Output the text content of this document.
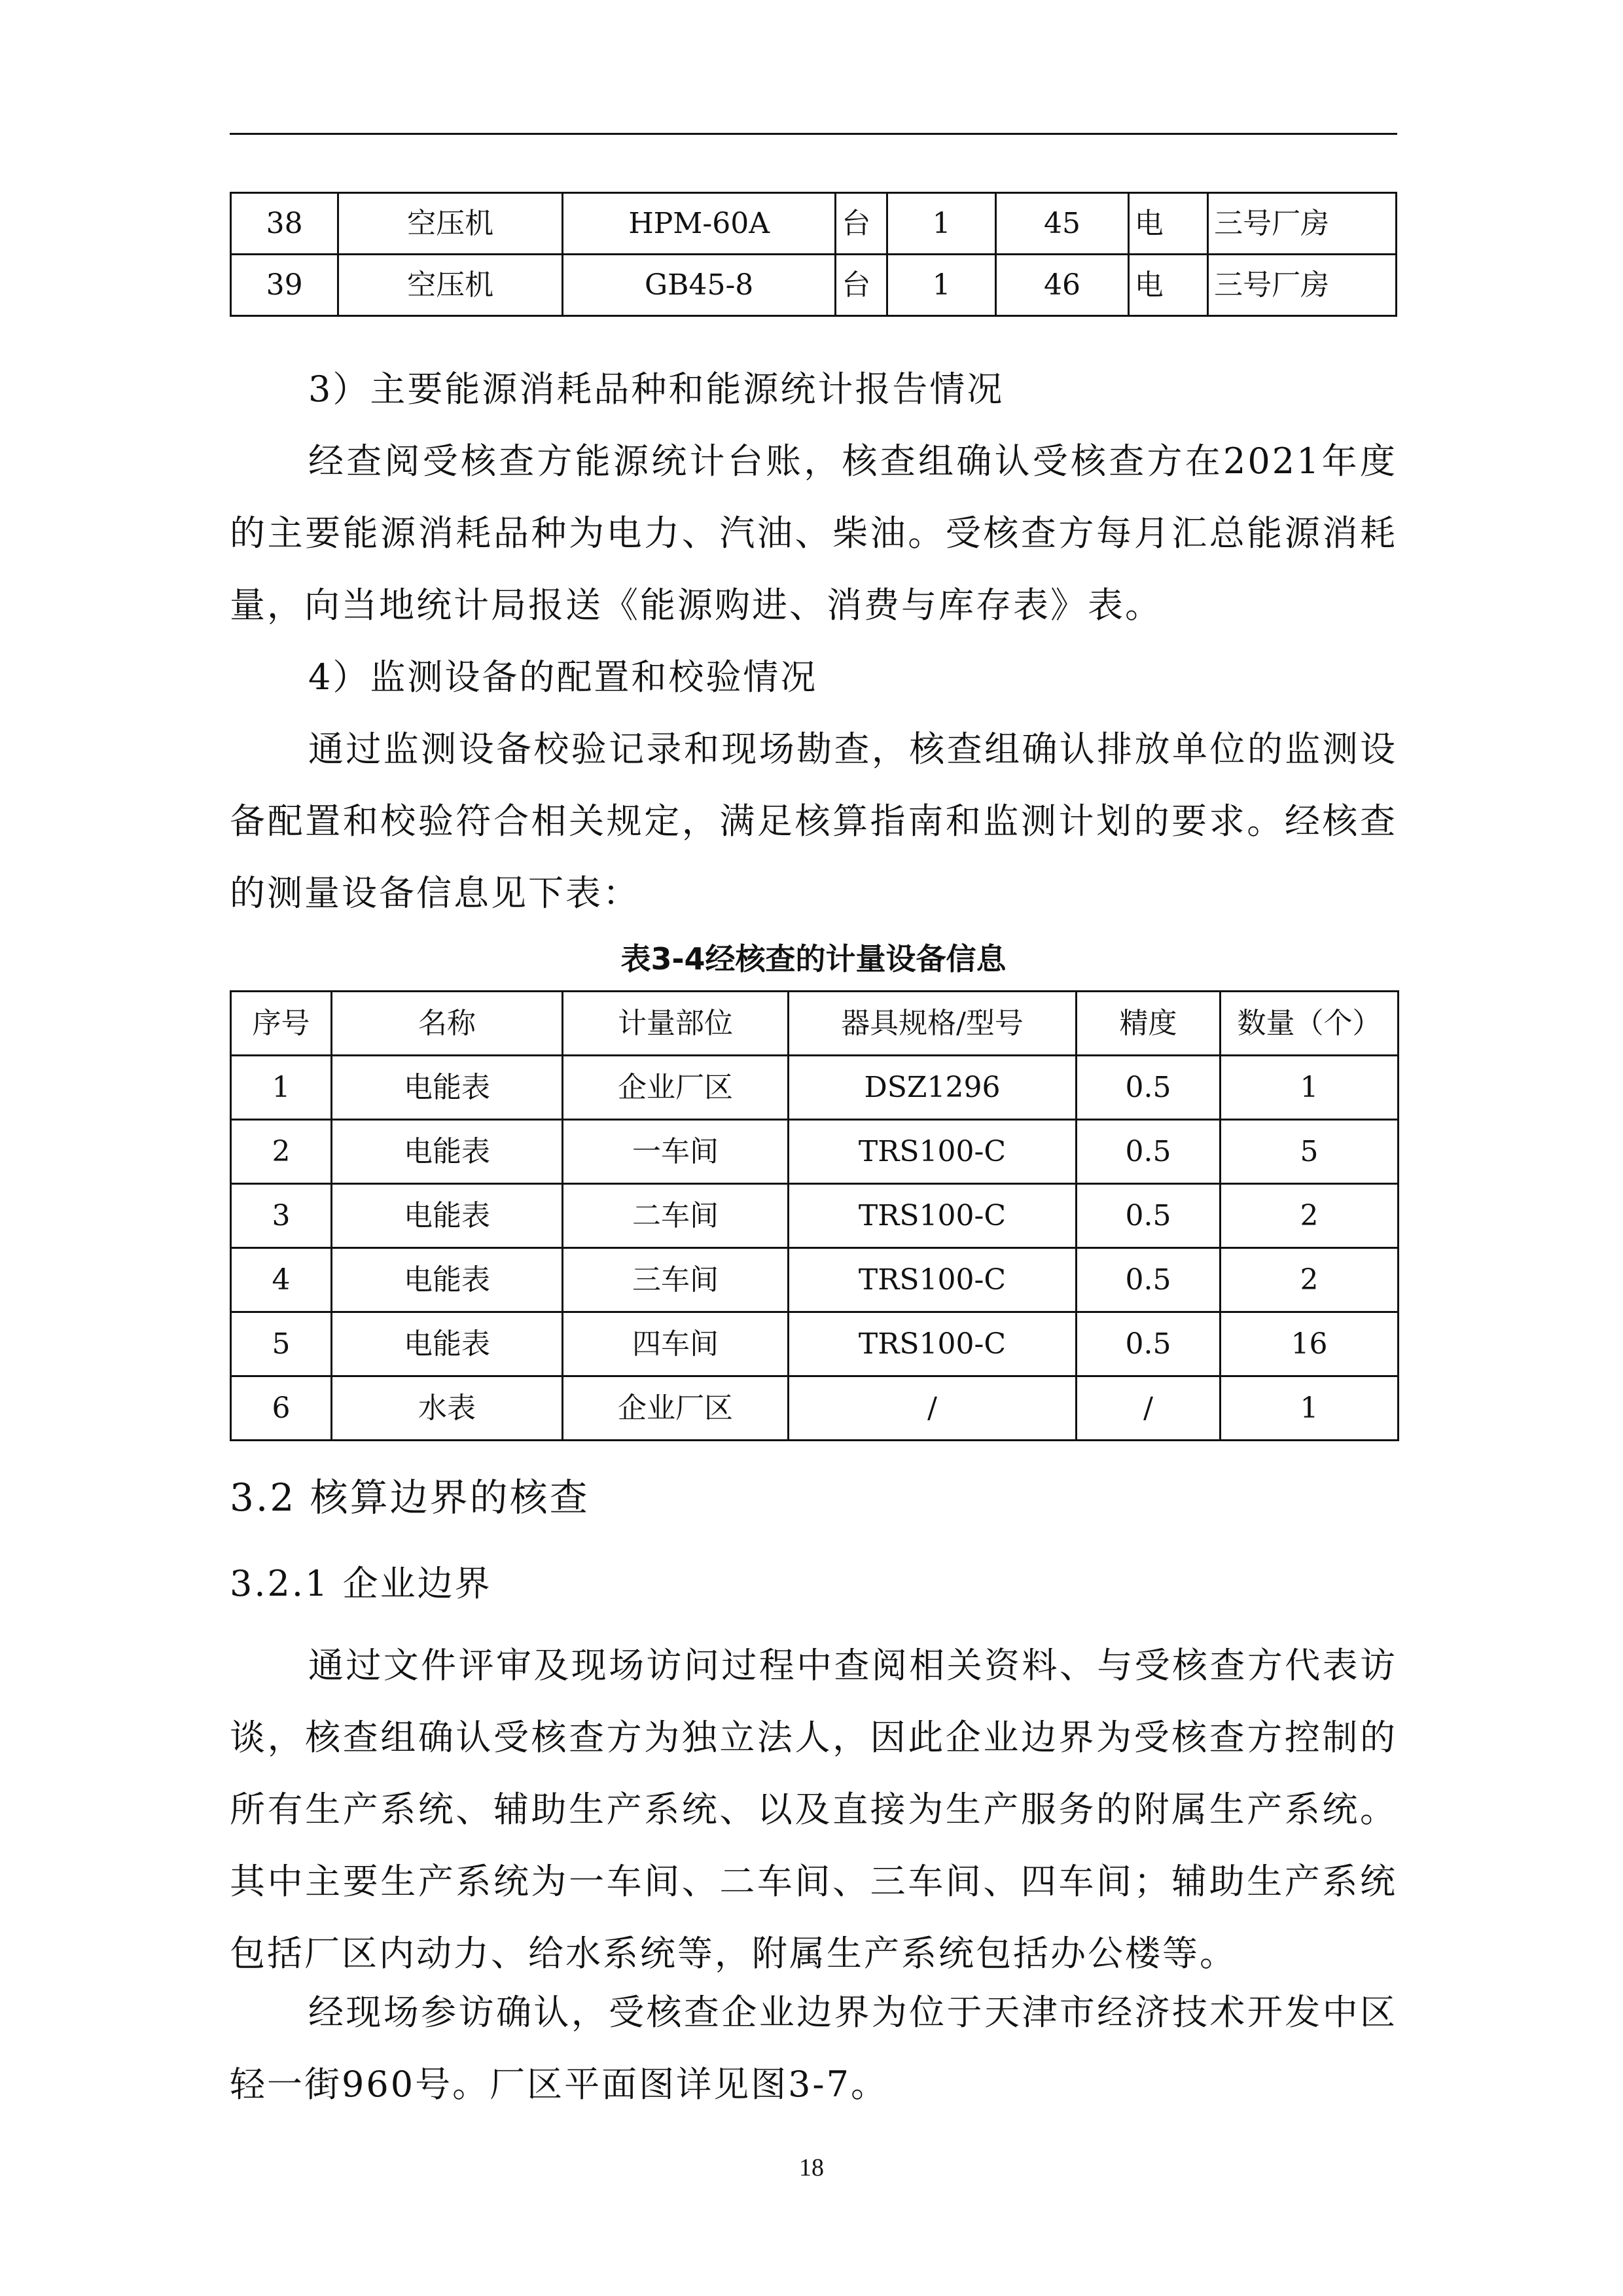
38	空压机	HPM-60A	台	1	45	电	三号厂房
39	空压机	GB45-8	台	1	46	电	三号厂房
3）主要能源消耗品种和能源统计报告情况
经查阅受核查方能源统计台账，核查组确认受核查方在2021年度的主要能源消耗品种为电力、汽油、柴油。受核查方每月汇总能源消耗量，向当地统计局报送《能源购进、消费与库存表》表。
4）监测设备的配置和校验情况
通过监测设备校验记录和现场勘查，核查组确认排放单位的监测设备配置和校验符合相关规定，满足核算指南和监测计划的要求。经核查的测量设备信息见下表：
表3-4经核查的计量设备信息
序号	名称	计量部位	器具规格/型号	精度	数量（个）
1	电能表	企业厂区	DSZ1296	0.5	1
2	电能表	一车间	TRS100-C	0.5	5
3	电能表	二车间	TRS100-C	0.5	2
4	电能表	三车间	TRS100-C	0.5	2
5	电能表	四车间	TRS100-C	0.5	16
6	水表	企业厂区	/	/	1
3.2 核算边界的核查
3.2.1 企业边界
通过文件评审及现场访问过程中查阅相关资料、与受核查方代表访谈，核查组确认受核查方为独立法人，因此企业边界为受核查方控制的所有生产系统、辅助生产系统、以及直接为生产服务的附属生产系统。其中主要生产系统为一车间、二车间、三车间、四车间；辅助生产系统包括厂区内动力、给水系统等，附属生产系统包括办公楼等。
经现场参访确认，受核查企业边界为位于天津市经济技术开发中区轻一街960号。厂区平面图详见图3-7。
18
